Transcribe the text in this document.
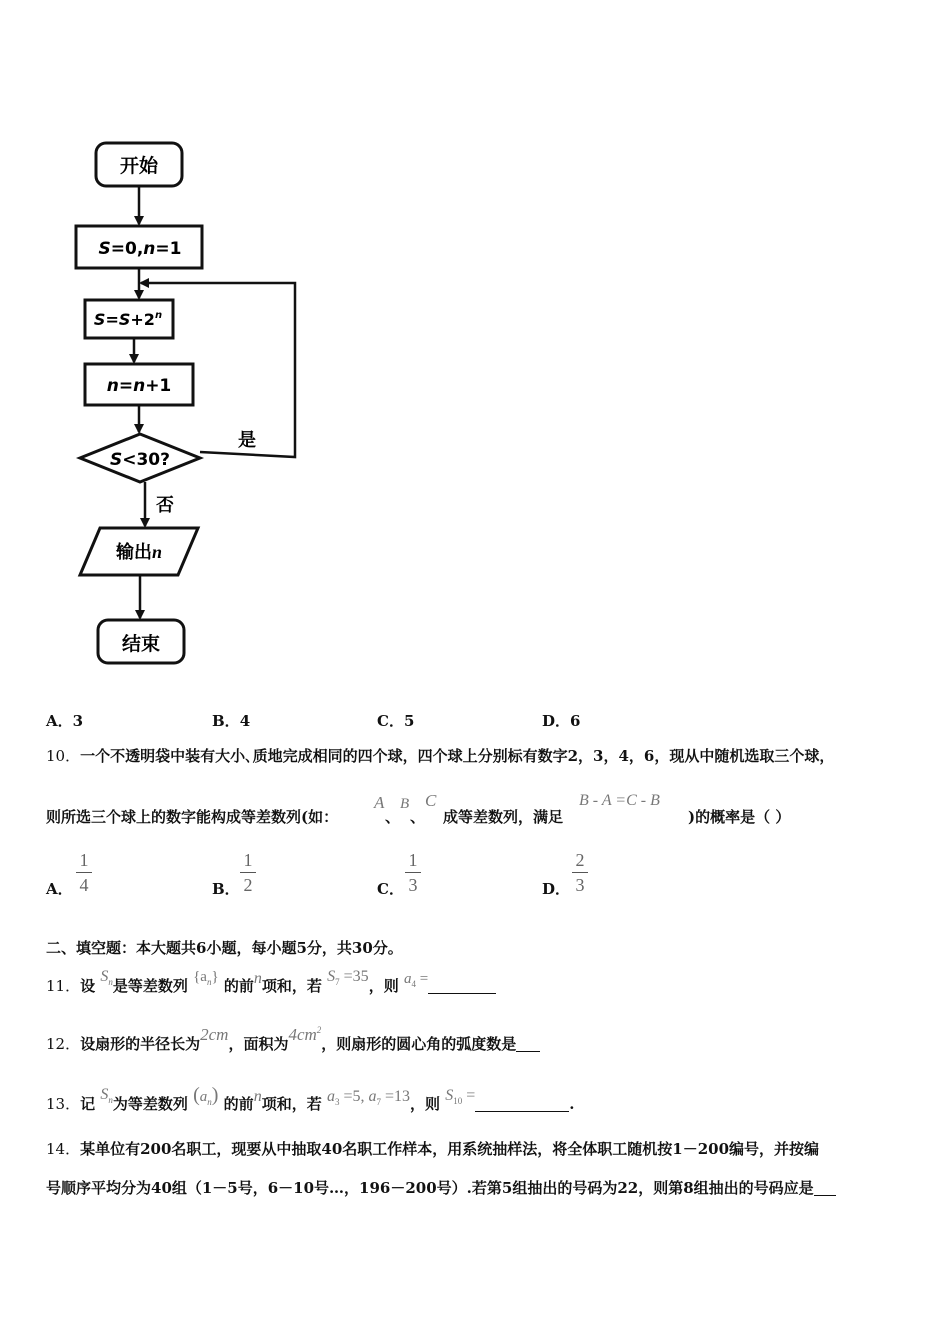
开始
S=0,n=1
$S=S+2^n$
n=n+1
S<30?
是
否
输出n
结束
A．3	B．4	C．5	D．6
10．一个不透明袋中装有大小､质地完成相同的四个球，四个球上分别标有数字2，3，4，6，现从中随机选取三个球，
则所选三个球上的数字能构成等差数列(如：
A
、
B
、
C
成等差数列，满足
B - A =C - B
)的概率是（ ）
A．
1
4	B．
1
2	C．
1
3	D．
2
3
二、填空题：本大题共6小题，每小题5分，共30分。
11．设 $S_n$是等差数列 $\{a_n\}$ 的前n项和，若 $S_7 =35$，则 $a_4$ =
12．设扇形的半径长为2cm，面积为$4cm^2$，则扇形的圆心角的弧度数是
13．记 $S_n$为等差数列 $(a_n)$ 的前n项和，若 $a_3 =5$, $a_7 =13$，则 $S_{10}$ =	.
14．某单位有200名职工，现要从中抽取40名职工作样本，用系统抽样法，将全体职工随机按1－200编号，并按编
号顺序平均分为40组（1－5号，6－10号…，196－200号）.若第5组抽出的号码为22，则第8组抽出的号码应是
